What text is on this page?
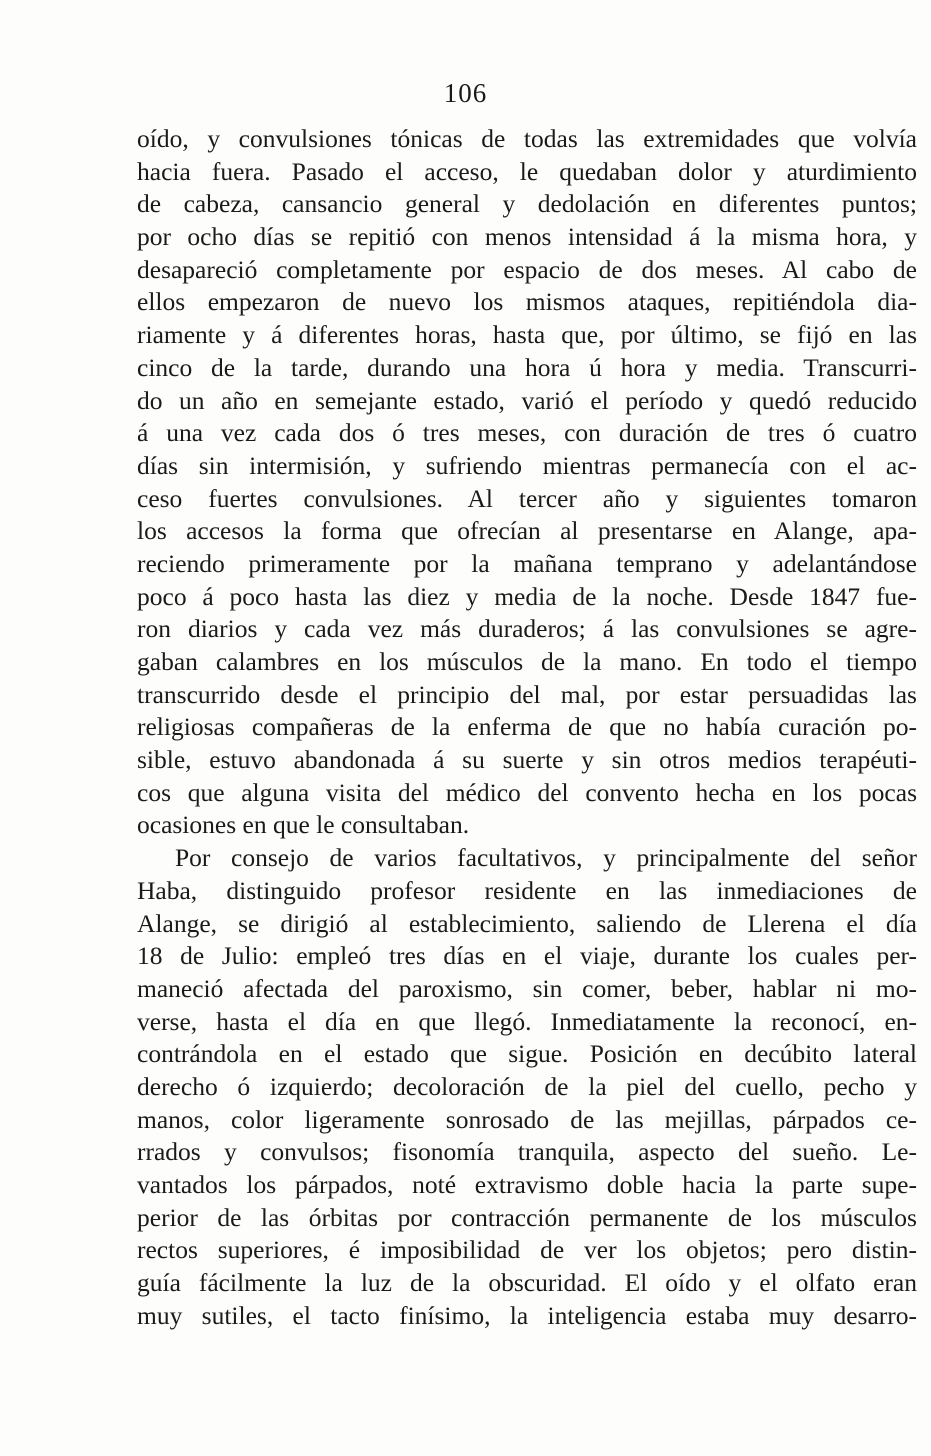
106
oído, y convulsiones tónicas de todas las extremidades que volvía
hacia fuera. Pasado el acceso, le quedaban dolor y aturdimiento
de cabeza, cansancio general y dedolación en diferentes puntos;
por ocho días se repitió con menos intensidad á la misma hora, y
desapareció completamente por espacio de dos meses. Al cabo de
ellos empezaron de nuevo los mismos ataques, repitiéndola dia-
riamente y á diferentes horas, hasta que, por último, se fijó en las
cinco de la tarde, durando una hora ú hora y media. Transcurri-
do un año en semejante estado, varió el período y quedó reducido
á una vez cada dos ó tres meses, con duración de tres ó cuatro
días sin intermisión, y sufriendo mientras permanecía con el ac-
ceso fuertes convulsiones. Al tercer año y siguientes tomaron
los accesos la forma que ofrecían al presentarse en Alange, apa-
reciendo primeramente por la mañana temprano y adelantándose
poco á poco hasta las diez y media de la noche. Desde 1847 fue-
ron diarios y cada vez más duraderos; á las convulsiones se agre-
gaban calambres en los músculos de la mano. En todo el tiempo
transcurrido desde el principio del mal, por estar persuadidas las
religiosas compañeras de la enferma de que no había curación po-
sible, estuvo abandonada á su suerte y sin otros medios terapéuti-
cos que alguna visita del médico del convento hecha en los pocas
ocasiones en que le consultaban.
Por consejo de varios facultativos, y principalmente del señor
Haba, distinguido profesor residente en las inmediaciones de
Alange, se dirigió al establecimiento, saliendo de Llerena el día
18 de Julio: empleó tres días en el viaje, durante los cuales per-
maneció afectada del paroxismo, sin comer, beber, hablar ni mo-
verse, hasta el día en que llegó. Inmediatamente la reconocí, en-
contrándola en el estado que sigue. Posición en decúbito lateral
derecho ó izquierdo; decoloración de la piel del cuello, pecho y
manos, color ligeramente sonrosado de las mejillas, párpados ce-
rrados y convulsos; fisonomía tranquila, aspecto del sueño. Le-
vantados los párpados, noté extravismo doble hacia la parte supe-
perior de las órbitas por contracción permanente de los músculos
rectos superiores, é imposibilidad de ver los objetos; pero distin-
guía fácilmente la luz de la obscuridad. El oído y el olfato eran
muy sutiles, el tacto finísimo, la inteligencia estaba muy desarro-
